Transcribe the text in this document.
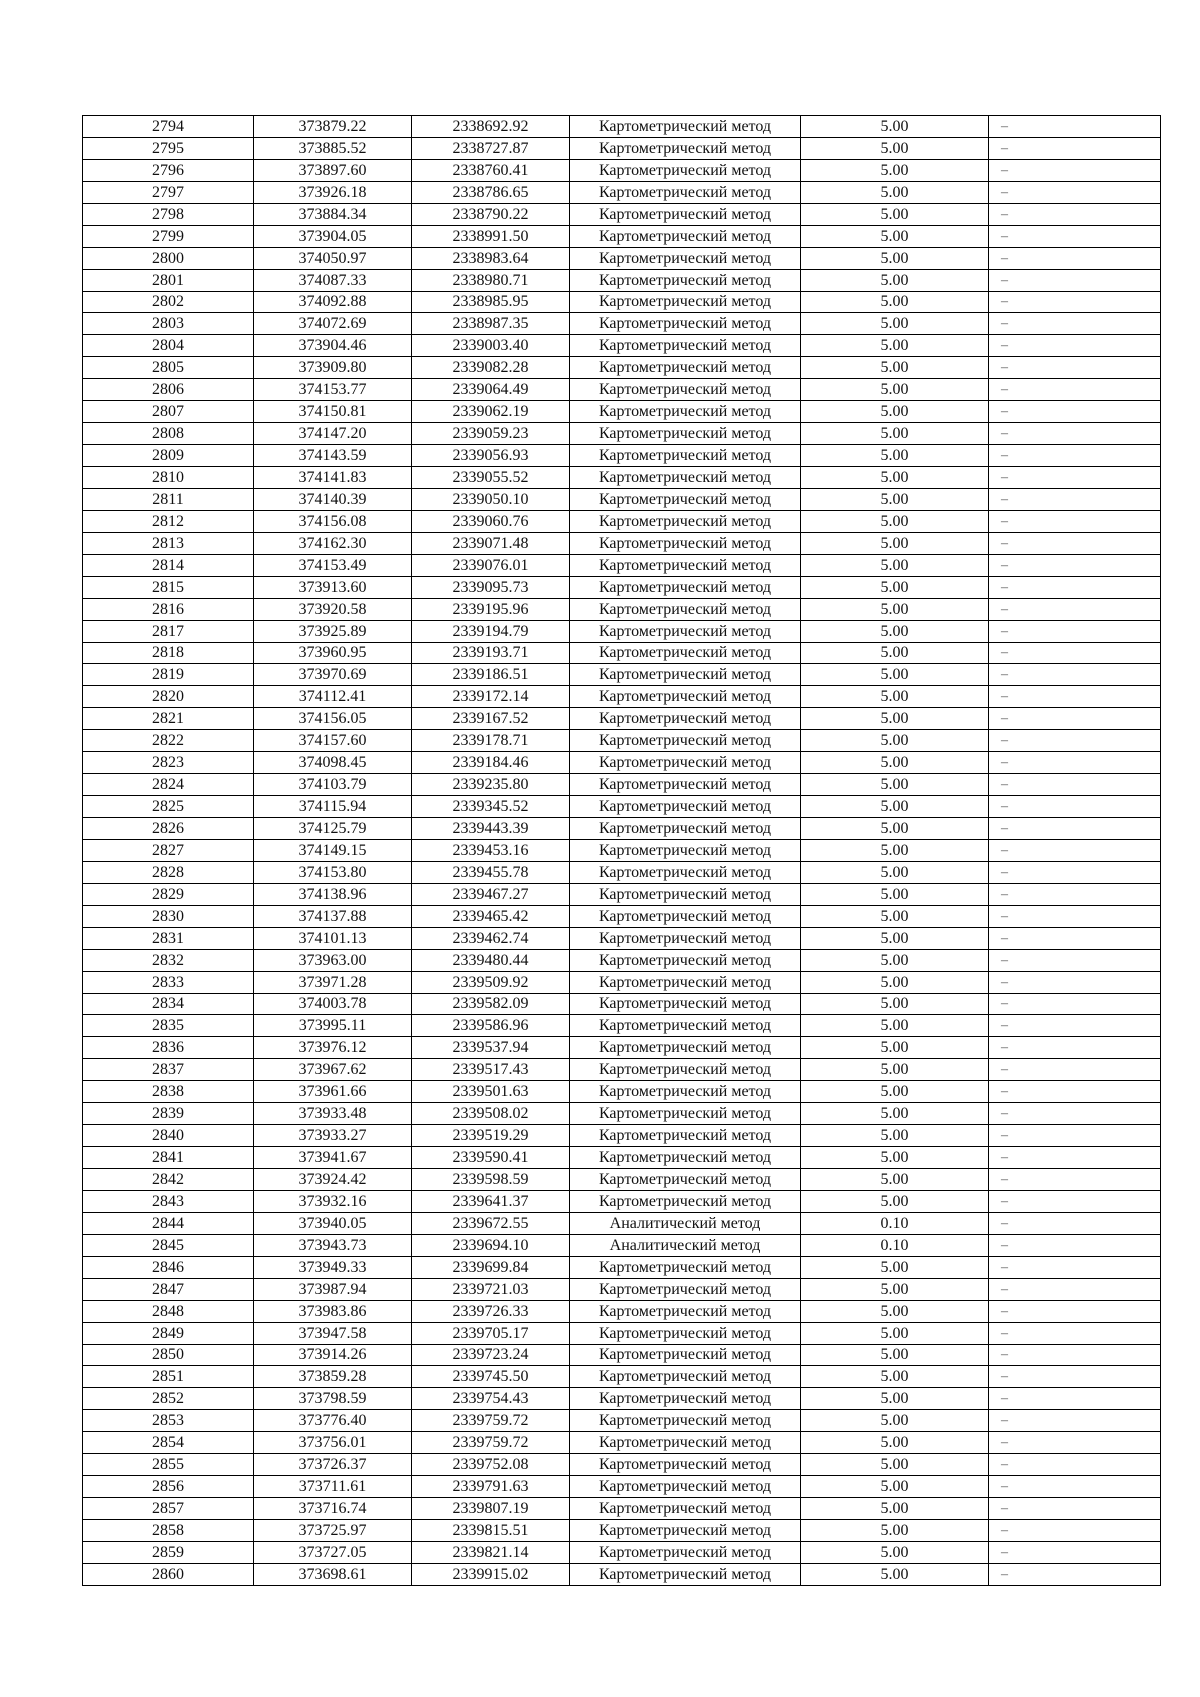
2794	373879.22	2338692.92	Картометрический метод	5.00	–
2795	373885.52	2338727.87	Картометрический метод	5.00	–
2796	373897.60	2338760.41	Картометрический метод	5.00	–
2797	373926.18	2338786.65	Картометрический метод	5.00	–
2798	373884.34	2338790.22	Картометрический метод	5.00	–
2799	373904.05	2338991.50	Картометрический метод	5.00	–
2800	374050.97	2338983.64	Картометрический метод	5.00	–
2801	374087.33	2338980.71	Картометрический метод	5.00	–
2802	374092.88	2338985.95	Картометрический метод	5.00	–
2803	374072.69	2338987.35	Картометрический метод	5.00	–
2804	373904.46	2339003.40	Картометрический метод	5.00	–
2805	373909.80	2339082.28	Картометрический метод	5.00	–
2806	374153.77	2339064.49	Картометрический метод	5.00	–
2807	374150.81	2339062.19	Картометрический метод	5.00	–
2808	374147.20	2339059.23	Картометрический метод	5.00	–
2809	374143.59	2339056.93	Картометрический метод	5.00	–
2810	374141.83	2339055.52	Картометрический метод	5.00	–
2811	374140.39	2339050.10	Картометрический метод	5.00	–
2812	374156.08	2339060.76	Картометрический метод	5.00	–
2813	374162.30	2339071.48	Картометрический метод	5.00	–
2814	374153.49	2339076.01	Картометрический метод	5.00	–
2815	373913.60	2339095.73	Картометрический метод	5.00	–
2816	373920.58	2339195.96	Картометрический метод	5.00	–
2817	373925.89	2339194.79	Картометрический метод	5.00	–
2818	373960.95	2339193.71	Картометрический метод	5.00	–
2819	373970.69	2339186.51	Картометрический метод	5.00	–
2820	374112.41	2339172.14	Картометрический метод	5.00	–
2821	374156.05	2339167.52	Картометрический метод	5.00	–
2822	374157.60	2339178.71	Картометрический метод	5.00	–
2823	374098.45	2339184.46	Картометрический метод	5.00	–
2824	374103.79	2339235.80	Картометрический метод	5.00	–
2825	374115.94	2339345.52	Картометрический метод	5.00	–
2826	374125.79	2339443.39	Картометрический метод	5.00	–
2827	374149.15	2339453.16	Картометрический метод	5.00	–
2828	374153.80	2339455.78	Картометрический метод	5.00	–
2829	374138.96	2339467.27	Картометрический метод	5.00	–
2830	374137.88	2339465.42	Картометрический метод	5.00	–
2831	374101.13	2339462.74	Картометрический метод	5.00	–
2832	373963.00	2339480.44	Картометрический метод	5.00	–
2833	373971.28	2339509.92	Картометрический метод	5.00	–
2834	374003.78	2339582.09	Картометрический метод	5.00	–
2835	373995.11	2339586.96	Картометрический метод	5.00	–
2836	373976.12	2339537.94	Картометрический метод	5.00	–
2837	373967.62	2339517.43	Картометрический метод	5.00	–
2838	373961.66	2339501.63	Картометрический метод	5.00	–
2839	373933.48	2339508.02	Картометрический метод	5.00	–
2840	373933.27	2339519.29	Картометрический метод	5.00	–
2841	373941.67	2339590.41	Картометрический метод	5.00	–
2842	373924.42	2339598.59	Картометрический метод	5.00	–
2843	373932.16	2339641.37	Картометрический метод	5.00	–
2844	373940.05	2339672.55	Аналитический метод	0.10	–
2845	373943.73	2339694.10	Аналитический метод	0.10	–
2846	373949.33	2339699.84	Картометрический метод	5.00	–
2847	373987.94	2339721.03	Картометрический метод	5.00	–
2848	373983.86	2339726.33	Картометрический метод	5.00	–
2849	373947.58	2339705.17	Картометрический метод	5.00	–
2850	373914.26	2339723.24	Картометрический метод	5.00	–
2851	373859.28	2339745.50	Картометрический метод	5.00	–
2852	373798.59	2339754.43	Картометрический метод	5.00	–
2853	373776.40	2339759.72	Картометрический метод	5.00	–
2854	373756.01	2339759.72	Картометрический метод	5.00	–
2855	373726.37	2339752.08	Картометрический метод	5.00	–
2856	373711.61	2339791.63	Картометрический метод	5.00	–
2857	373716.74	2339807.19	Картометрический метод	5.00	–
2858	373725.97	2339815.51	Картометрический метод	5.00	–
2859	373727.05	2339821.14	Картометрический метод	5.00	–
2860	373698.61	2339915.02	Картометрический метод	5.00	–
